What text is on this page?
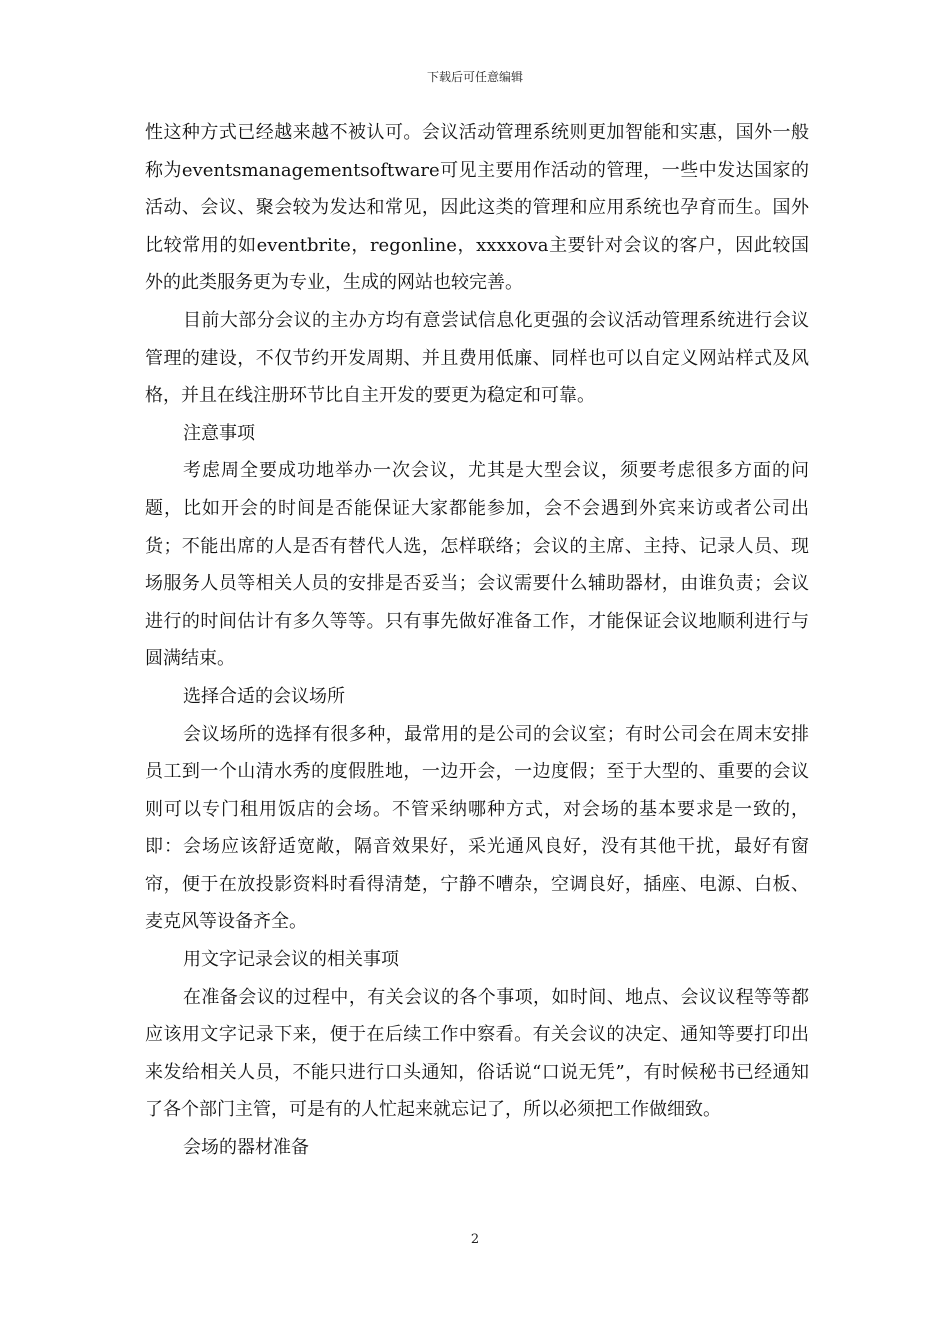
下载后可任意编辑

性这种方式已经越来越不被认可。会议活动管理系统则更加智能和实惠，国外一般称为eventsmanagementsoftware可见主要用作活动的管理，一些中发达国家的活动、会议、聚会较为发达和常见，因此这类的管理和应用系统也孕育而生。国外比较常用的如eventbrite，regonline，xxxxova主要针对会议的客户，因此较国外的此类服务更为专业，生成的网站也较完善。

目前大部分会议的主办方均有意尝试信息化更强的会议活动管理系统进行会议管理的建设，不仅节约开发周期、并且费用低廉、同样也可以自定义网站样式及风格，并且在线注册环节比自主开发的要更为稳定和可靠。

注意事项

考虑周全要成功地举办一次会议，尤其是大型会议，须要考虑很多方面的问题，比如开会的时间是否能保证大家都能参加，会不会遇到外宾来访或者公司出货；不能出席的人是否有替代人选，怎样联络；会议的主席、主持、记录人员、现场服务人员等相关人员的安排是否妥当；会议需要什么辅助器材，由谁负责；会议进行的时间估计有多久等等。只有事先做好准备工作，才能保证会议地顺利进行与圆满结束。

选择合适的会议场所

会议场所的选择有很多种，最常用的是公司的会议室；有时公司会在周末安排员工到一个山清水秀的度假胜地，一边开会，一边度假；至于大型的、重要的会议则可以专门租用饭店的会场。不管采纳哪种方式，对会场的基本要求是一致的，即：会场应该舒适宽敞，隔音效果好，采光通风良好，没有其他干扰，最好有窗帘，便于在放投影资料时看得清楚，宁静不嘈杂，空调良好，插座、电源、白板、麦克风等设备齐全。

用文字记录会议的相关事项

在准备会议的过程中，有关会议的各个事项，如时间、地点、会议议程等等都应该用文字记录下来，便于在后续工作中察看。有关会议的决定、通知等要打印出来发给相关人员，不能只进行口头通知，俗话说“口说无凭”，有时候秘书已经通知了各个部门主管，可是有的人忙起来就忘记了，所以必须把工作做细致。

会场的器材准备

2
